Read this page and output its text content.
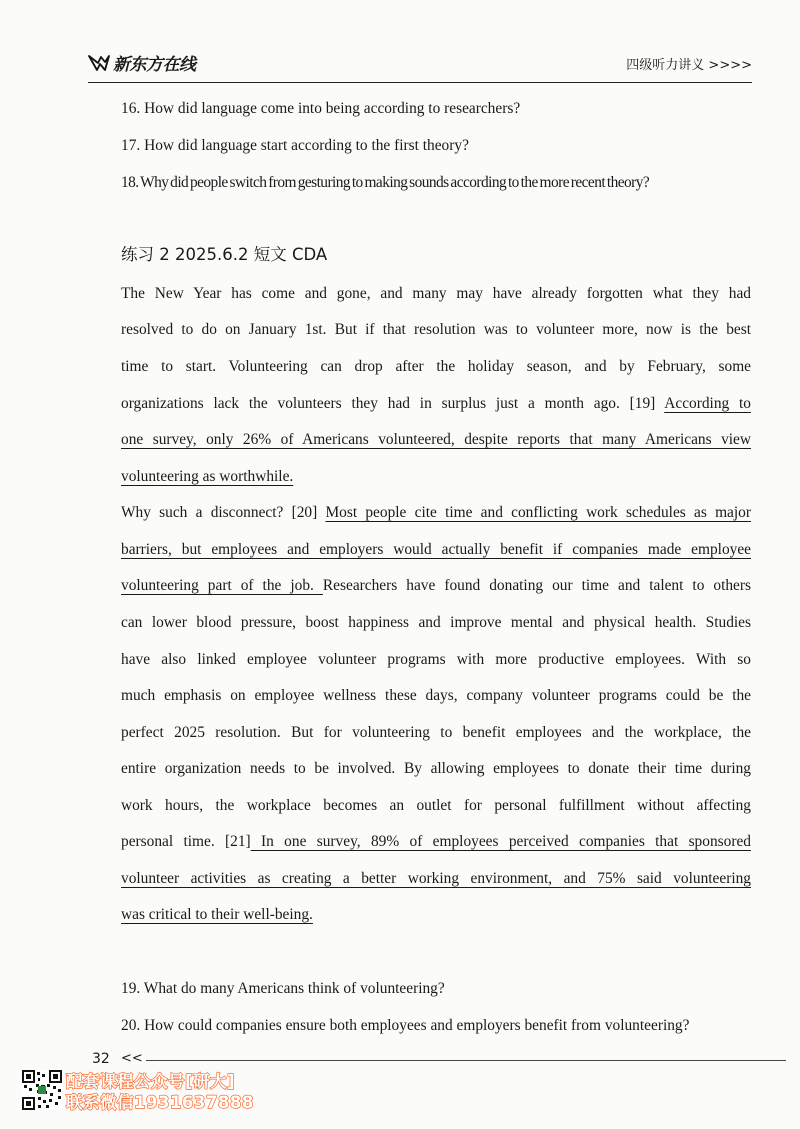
新东方在线	四级听力讲义 >>>>
16. How did language come into being according to researchers?
17. How did language start according to the first theory?
18. Why did people switch from gesturing to making sounds according to the more recent theory?
练习 2 2025.6.2 短文 CDA
The New Year has come and gone, and many may have already forgotten what they had
resolved to do on January 1st. But if that resolution was to volunteer more, now is the best
time to start. Volunteering can drop after the holiday season, and by February, some
organizations lack the volunteers they had in surplus just a month ago. [19] According to
one survey, only 26% of Americans volunteered, despite reports that many Americans view
volunteering as worthwhile.
Why such a disconnect? [20] Most people cite time and conflicting work schedules as major
barriers, but employees and employers would actually benefit if companies made employee
volunteering part of the job. Researchers have found donating our time and talent to others
can lower blood pressure, boost happiness and improve mental and physical health. Studies
have also linked employee volunteer programs with more productive employees. With so
much emphasis on employee wellness these days, company volunteer programs could be the
perfect 2025 resolution. But for volunteering to benefit employees and the workplace, the
entire organization needs to be involved. By allowing employees to donate their time during
work hours, the workplace becomes an outlet for personal fulfillment without affecting
personal time. [21] In one survey, 89% of employees perceived companies that sponsored
volunteer activities as creating a better working environment, and 75% said volunteering
was critical to their well-being.
19. What do many Americans think of volunteering?
20. How could companies ensure both employees and employers benefit from volunteering?
32 <<
配套课程公众号[研大]
联系微信1931637888
